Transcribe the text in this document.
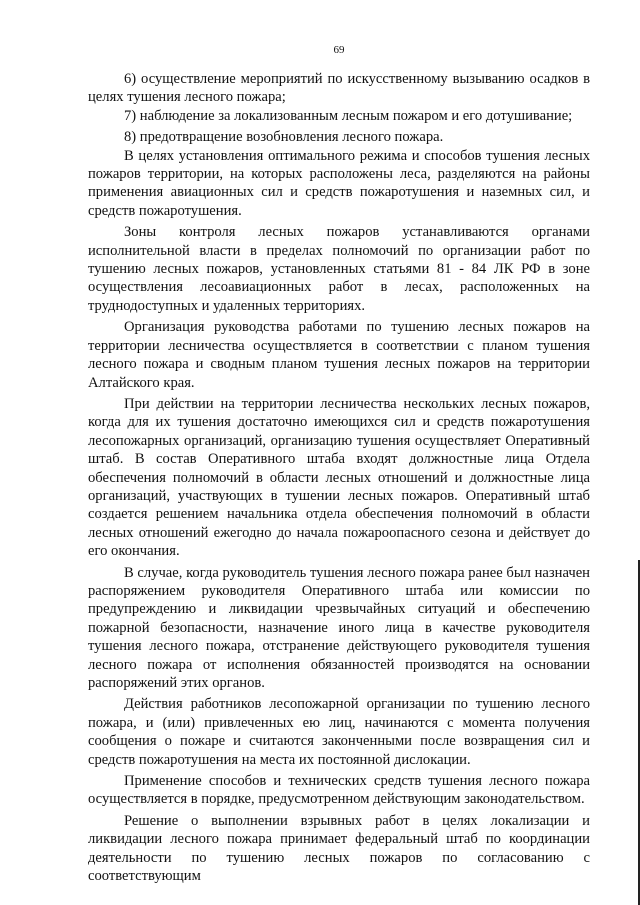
69

6) осуществление мероприятий по искусственному вызыванию осадков в целях тушения лесного пожара;

7) наблюдение за локализованным лесным пожаром и его дотушивание;

8) предотвращение возобновления лесного пожара.

В целях установления оптимального режима и способов тушения лесных пожаров территории, на которых расположены леса, разделяются на районы применения авиационных сил и средств пожаротушения и наземных сил, и средств пожаротушения.

Зоны контроля лесных пожаров устанавливаются органами исполнительной власти в пределах полномочий по организации работ по тушению лесных пожаров, установленных статьями 81 - 84 ЛК РФ в зоне осуществления лесоавиационных работ в лесах, расположенных на труднодоступных и удаленных территориях.

Организация руководства работами по тушению лесных пожаров на территории лесничества осуществляется в соответствии с планом тушения лесного пожара и сводным планом тушения лесных пожаров на территории Алтайского края.

При действии на территории лесничества нескольких лесных пожаров, когда для их тушения достаточно имеющихся сил и средств пожаротушения лесопожарных организаций, организацию тушения осуществляет Оперативный штаб. В состав Оперативного штаба входят должностные лица Отдела обеспечения полномочий в области лесных отношений и должностные лица организаций, участвующих в тушении лесных пожаров. Оперативный штаб создается решением начальника отдела обеспечения полномочий в области лесных отношений ежегодно до начала пожароопасного сезона и действует до его окончания.

В случае, когда руководитель тушения лесного пожара ранее был назначен распоряжением руководителя Оперативного штаба или комиссии по предупреждению и ликвидации чрезвычайных ситуаций и обеспечению пожарной безопасности, назначение иного лица в качестве руководителя тушения лесного пожара, отстранение действующего руководителя тушения лесного пожара от исполнения обязанностей производятся на основании распоряжений этих органов.

Действия работников лесопожарной организации по тушению лесного пожара, и (или) привлеченных ею лиц, начинаются с момента получения сообщения о пожаре и считаются законченными после возвращения сил и средств пожаротушения на места их постоянной дислокации.

Применение способов и технических средств тушения лесного пожара осуществляется в порядке, предусмотренном действующим законодательством.

Решение о выполнении взрывных работ в целях локализации и ликвидации лесного пожара принимает федеральный штаб по координации деятельности по тушению лесных пожаров по согласованию с соответствующим
